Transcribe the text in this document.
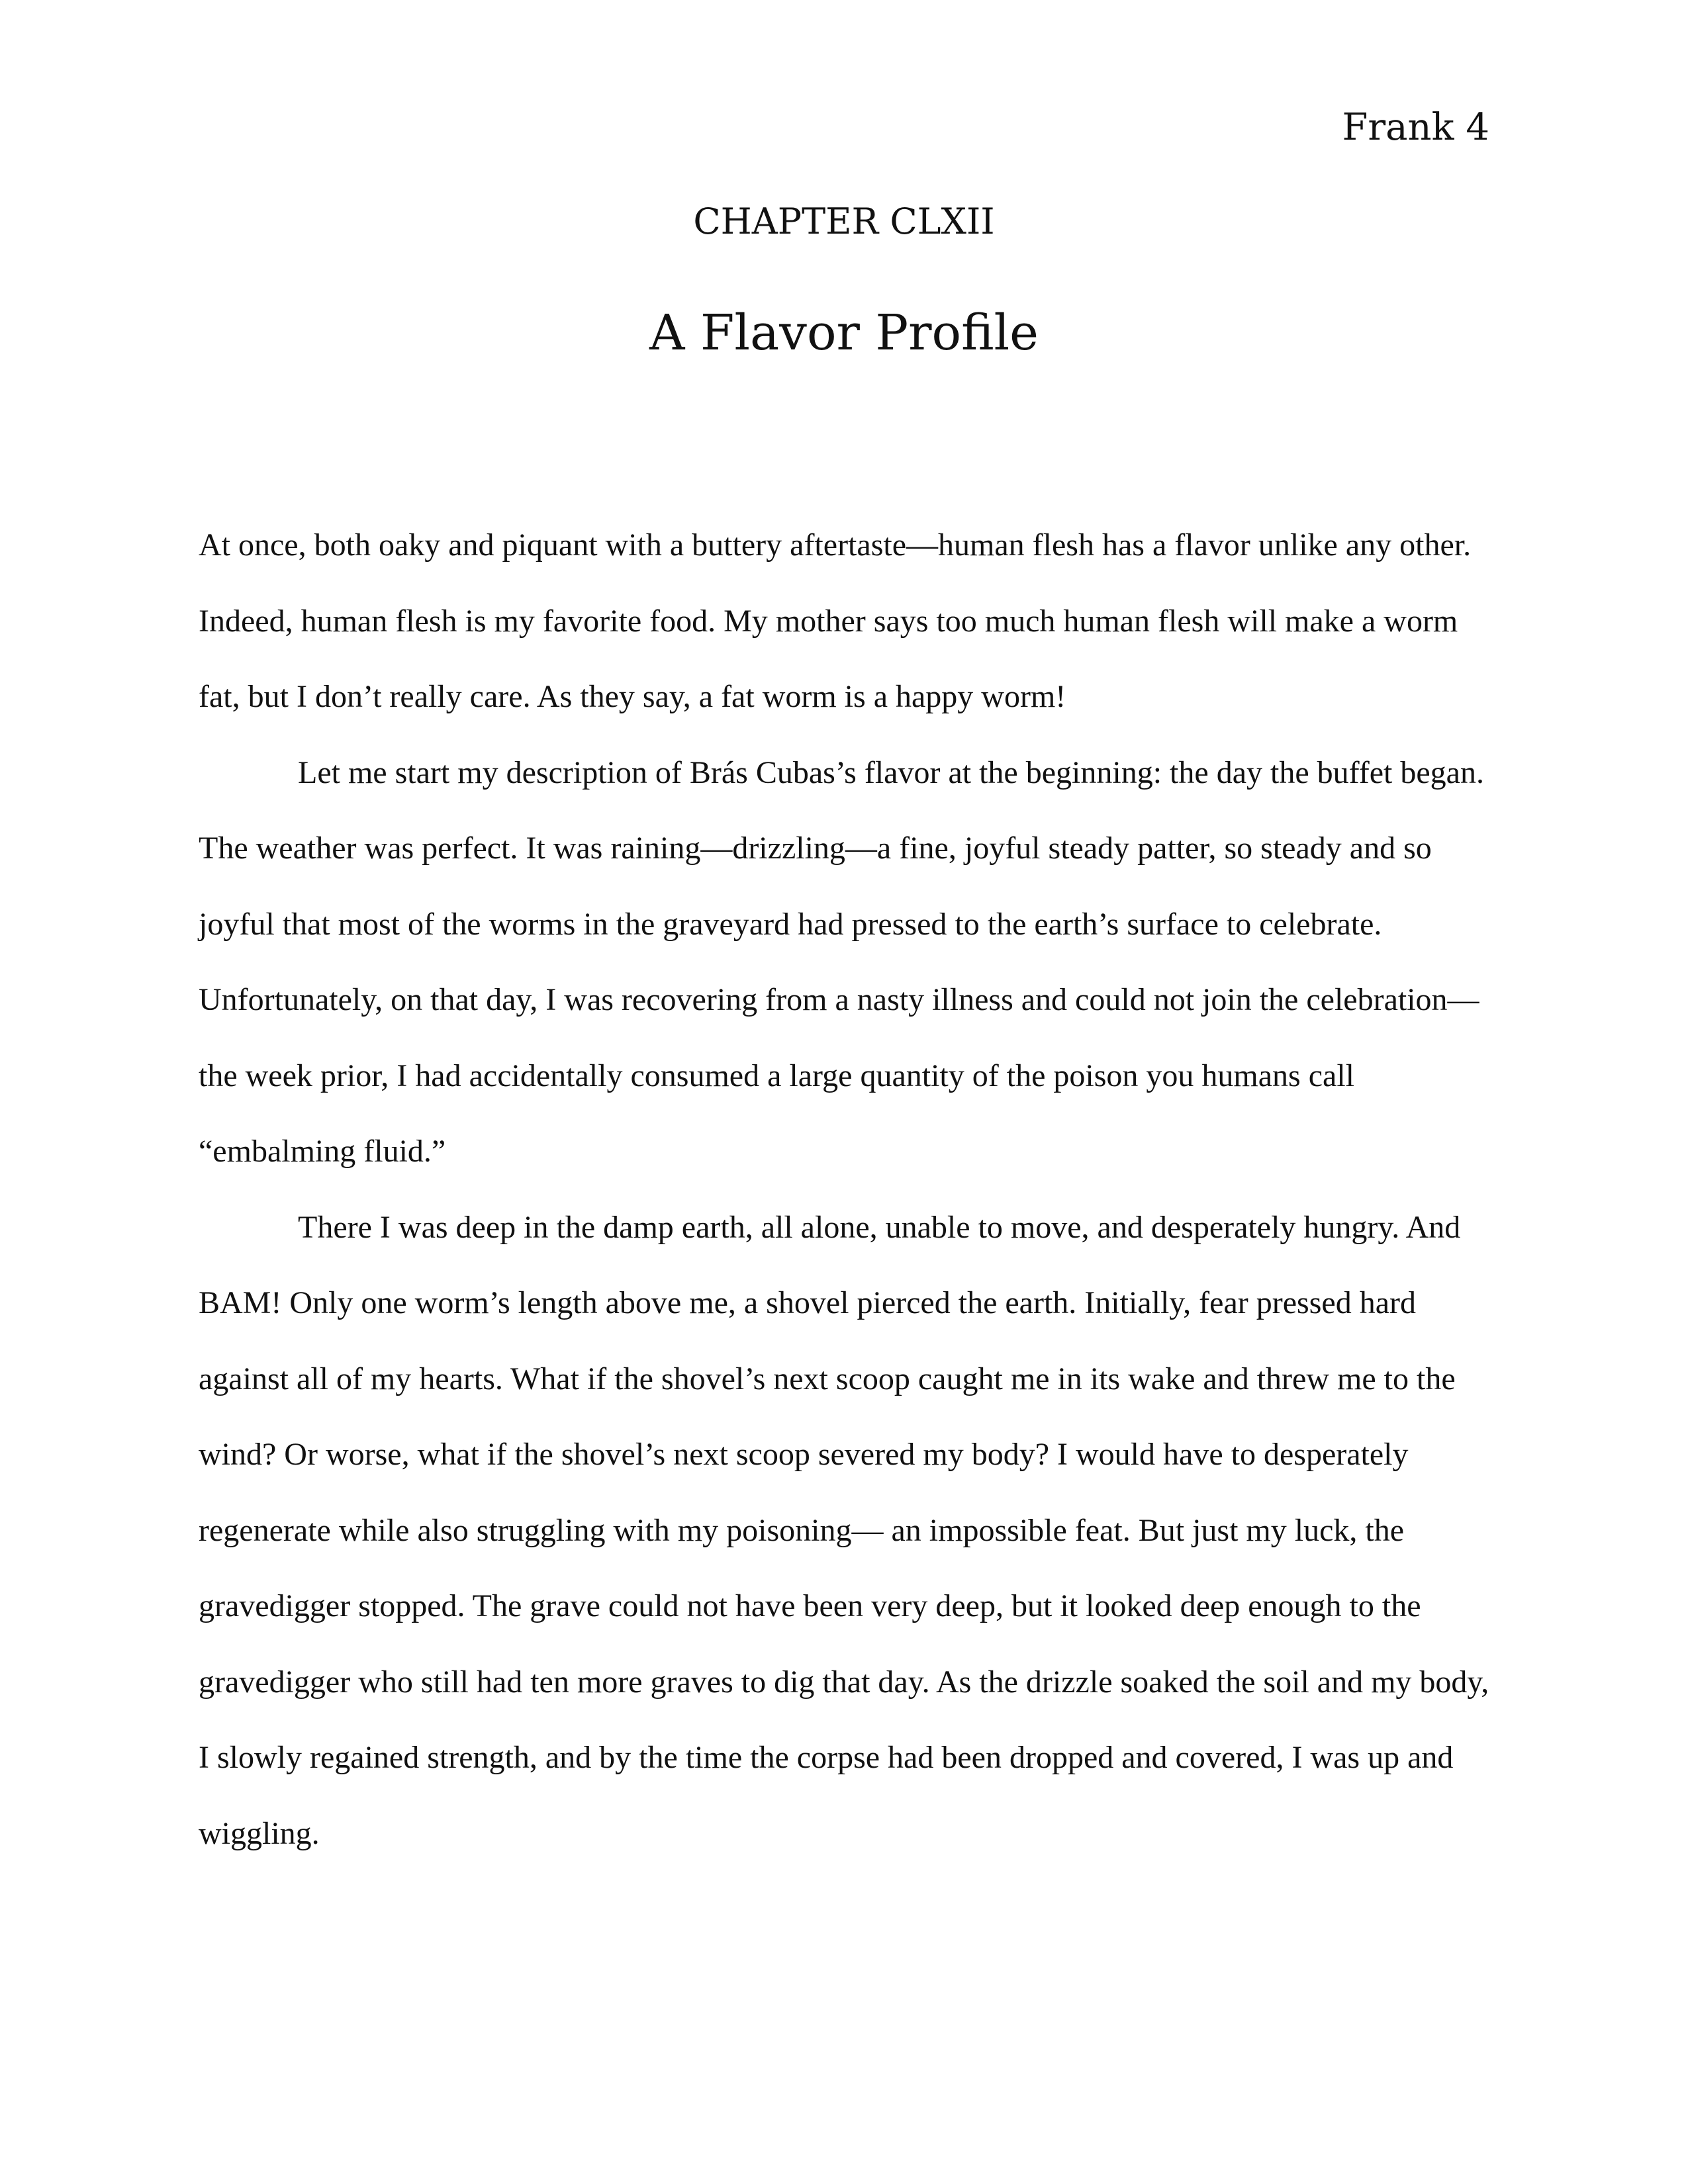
Frank 4
CHAPTER CLXII
A Flavor Profile

At once, both oaky and piquant with a buttery aftertaste—human flesh has a flavor unlike any other. Indeed, human flesh is my favorite food. My mother says too much human flesh will make a worm fat, but I don’t really care. As they say, a fat worm is a happy worm!

Let me start my description of Brás Cubas’s flavor at the beginning: the day the buffet began. The weather was perfect. It was raining—drizzling—a fine, joyful steady patter, so steady and so joyful that most of the worms in the graveyard had pressed to the earth’s surface to celebrate. Unfortunately, on that day, I was recovering from a nasty illness and could not join the celebration—the week prior, I had accidentally consumed a large quantity of the poison you humans call “embalming fluid.”

There I was deep in the damp earth, all alone, unable to move, and desperately hungry. And BAM! Only one worm’s length above me, a shovel pierced the earth. Initially, fear pressed hard against all of my hearts. What if the shovel’s next scoop caught me in its wake and threw me to the wind? Or worse, what if the shovel’s next scoop severed my body? I would have to desperately regenerate while also struggling with my poisoning— an impossible feat. But just my luck, the gravedigger stopped. The grave could not have been very deep, but it looked deep enough to the gravedigger who still had ten more graves to dig that day. As the drizzle soaked the soil and my body, I slowly regained strength, and by the time the corpse had been dropped and covered, I was up and wiggling.
